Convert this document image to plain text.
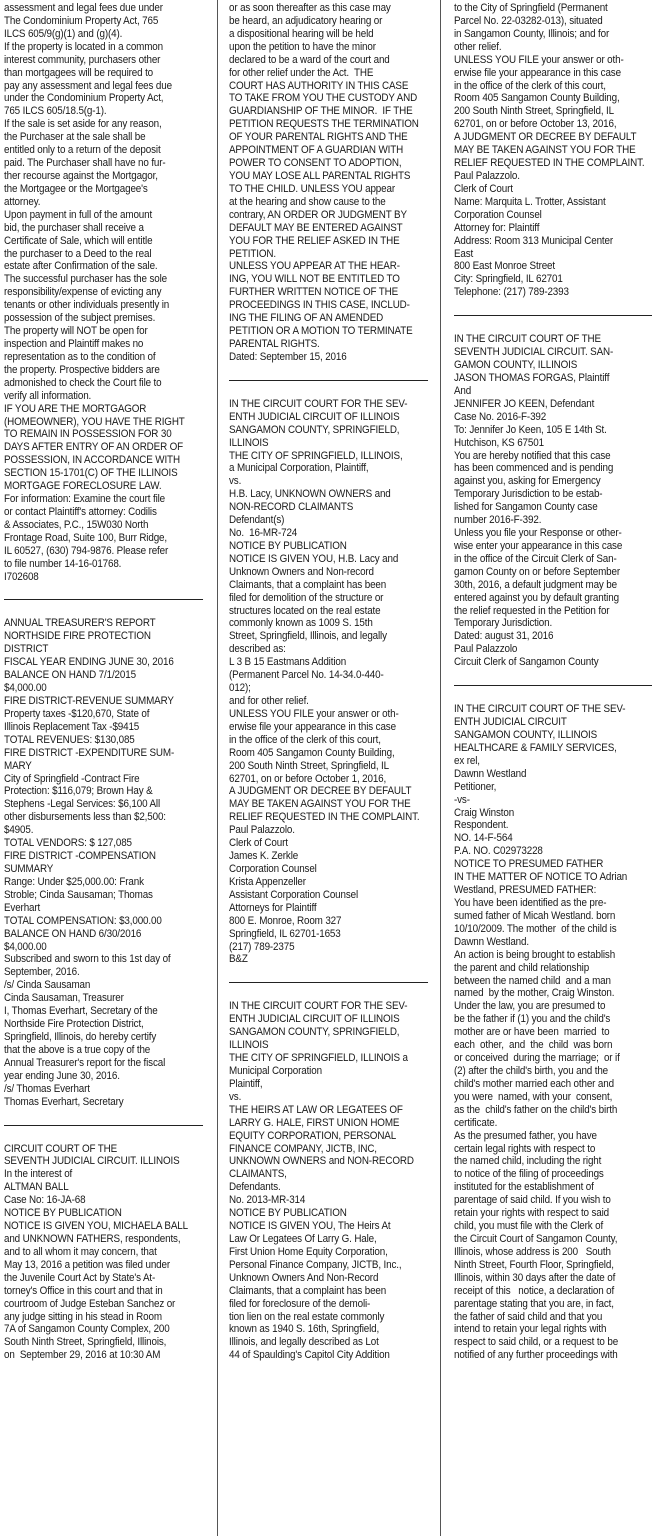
assessment and legal fees due under

The Condominium Property Act, 765

ILCS 605/9(g)(1) and (g)(4).

If the property is located in a common

interest community, purchasers other

than mortgagees will be required to

pay any assessment and legal fees due

under the Condominium Property Act,

765 ILCS 605/18.5(g-1).

If the sale is set aside for any reason,

the Purchaser at the sale shall be

entitled only to a return of the deposit

paid. The Purchaser shall have no fur-

ther recourse against the Mortgagor,

the Mortgagee or the Mortgagee's

attorney.

Upon payment in full of the amount

bid, the purchaser shall receive a

Certificate of Sale, which will entitle

the purchaser to a Deed to the real

estate after Confirmation of the sale.

The successful purchaser has the sole

responsibility/expense of evicting any

tenants or other individuals presently in

possession of the subject premises.

The property will NOT be open for

inspection and Plaintiff makes no

representation as to the condition of

the property. Prospective bidders are

admonished to check the Court file to

verify all information.

IF YOU ARE THE MORTGAGOR

(HOMEOWNER), YOU HAVE THE RIGHT

TO REMAIN IN POSSESSION FOR 30

DAYS AFTER ENTRY OF AN ORDER OF

POSSESSION, IN ACCORDANCE WITH

SECTION 15-1701(C) OF THE ILLINOIS

MORTGAGE FORECLOSURE LAW.

For information: Examine the court file

or contact Plaintiff's attorney: Codilis

& Associates, P.C., 15W030 North

Frontage Road, Suite 100, Burr Ridge,

IL 60527, (630) 794-9876. Please refer

to file number 14-16-01768.

I702608

ANNUAL TREASURER'S REPORT

NORTHSIDE FIRE PROTECTION

DISTRICT

FISCAL YEAR ENDING JUNE 30, 2016

BALANCE ON HAND 7/1/2015

$4,000.00

FIRE DISTRICT-REVENUE SUMMARY

Property taxes -$120,670, State of

Illinois Replacement Tax -$9415

TOTAL REVENUES: $130,085

FIRE DISTRICT -EXPENDITURE SUM-

MARY

City of Springfield -Contract Fire

Protection: $116,079; Brown Hay &

Stephens -Legal Services: $6,100 All

other disbursements less than $2,500:

$4905.

TOTAL VENDORS: $ 127,085

FIRE DISTRICT -COMPENSATION

SUMMARY

Range: Under $25,000.00: Frank

Stroble; Cinda Sausaman; Thomas

Everhart

TOTAL COMPENSATION: $3,000.00

BALANCE ON HAND 6/30/2016

$4,000.00

Subscribed and sworn to this 1st day of

September, 2016.

/s/ Cinda Sausaman

Cinda Sausaman, Treasurer

I, Thomas Everhart, Secretary of the

Northside Fire Protection District,

Springfield, Illinois, do hereby certify

that the above is a true copy of the

Annual Treasurer's report for the fiscal

year ending June 30, 2016.

/s/ Thomas Everhart

Thomas Everhart, Secretary

CIRCUIT COURT OF THE

SEVENTH JUDICIAL CIRCUIT. ILLINOIS

In the interest of

ALTMAN BALL

Case No: 16-JA-68

NOTICE BY PUBLICATION

NOTICE IS GIVEN YOU, MICHAELA BALL

and UNKNOWN FATHERS, respondents,

and to all whom it may concern, that

May 13, 2016 a petition was filed under

the Juvenile Court Act by State's At-

torney's Office in this court and that in

courtroom of Judge Esteban Sanchez or

any judge sitting in his stead in Room

7A of Sangamon County Complex, 200

South Ninth Street, Springfield, Illinois,

on  September 29, 2016 at 10:30 AM

or as soon thereafter as this case may

be heard, an adjudicatory hearing or

a dispositional hearing will be held

upon the petition to have the minor

declared to be a ward of the court and

for other relief under the Act.  THE

COURT HAS AUTHORITY IN THIS CASE

TO TAKE FROM YOU THE CUSTODY AND

GUARDIANSHIP OF THE MINOR.  IF THE

PETITION REQUESTS THE TERMINATION

OF YOUR PARENTAL RIGHTS AND THE

APPOINTMENT OF A GUARDIAN WITH

POWER TO CONSENT TO ADOPTION,

YOU MAY LOSE ALL PARENTAL RIGHTS

TO THE CHILD. UNLESS YOU appear

at the hearing and show cause to the

contrary, AN ORDER OR JUDGMENT BY

DEFAULT MAY BE ENTERED AGAINST

YOU FOR THE RELIEF ASKED IN THE

PETITION.

UNLESS YOU APPEAR AT THE HEAR-

ING, YOU WILL NOT BE ENTITLED TO

FURTHER WRITTEN NOTICE OF THE

PROCEEDINGS IN THIS CASE, INCLUD-

ING THE FILING OF AN AMENDED

PETITION OR A MOTION TO TERMINATE

PARENTAL RIGHTS.

Dated: September 15, 2016

IN THE CIRCUIT COURT FOR THE SEV-

ENTH JUDICIAL CIRCUIT OF ILLINOIS

SANGAMON COUNTY, SPRINGFIELD,

ILLINOIS

THE CITY OF SPRINGFIELD, ILLINOIS,

a Municipal Corporation, Plaintiff,

vs.

H.B. Lacy, UNKNOWN OWNERS and

NON-RECORD CLAIMANTS

Defendant(s)

No.  16-MR-724

NOTICE BY PUBLICATION

NOTICE IS GIVEN YOU, H.B. Lacy and

Unknown Owners and Non-record

Claimants, that a complaint has been

filed for demolition of the structure or

structures located on the real estate

commonly known as 1009 S. 15th

Street, Springfield, Illinois, and legally

described as:

L 3 B 15 Eastmans Addition

(Permanent Parcel No. 14-34.0-440-

012);

and for other relief.

UNLESS YOU FILE your answer or oth-

erwise file your appearance in this case

in the office of the clerk of this court,

Room 405 Sangamon County Building,

200 South Ninth Street, Springfield, IL

62701, on or before October 1, 2016,

A JUDGMENT OR DECREE BY DEFAULT

MAY BE TAKEN AGAINST YOU FOR THE

RELIEF REQUESTED IN THE COMPLAINT.

Paul Palazzolo.

Clerk of Court

James K. Zerkle

Corporation Counsel

Krista Appenzeller

Assistant Corporation Counsel

Attorneys for Plaintiff

800 E. Monroe, Room 327

Springfield, IL 62701-1653

(217) 789-2375

B&Z

IN THE CIRCUIT COURT FOR THE SEV-

ENTH JUDICIAL CIRCUIT OF ILLINOIS

SANGAMON COUNTY, SPRINGFIELD,

ILLINOIS

THE CITY OF SPRINGFIELD, ILLINOIS a

Municipal Corporation

Plaintiff,

vs.

THE HEIRS AT LAW OR LEGATEES OF

LARRY G. HALE, FIRST UNION HOME

EQUITY CORPORATION, PERSONAL

FINANCE COMPANY, JICTB, INC,

UNKNOWN OWNERS and NON-RECORD

CLAIMANTS,

Defendants.

No. 2013-MR-314

NOTICE BY PUBLICATION

NOTICE IS GIVEN YOU, The Heirs At

Law Or Legatees Of Larry G. Hale,

First Union Home Equity Corporation,

Personal Finance Company, JICTB, Inc.,

Unknown Owners And Non-Record

Claimants, that a complaint has been

filed for foreclosure of the demoli-

tion lien on the real estate commonly

known as 1940 S. 16th, Springfield,

Illinois, and legally described as Lot

44 of Spaulding's Capitol City Addition

to the City of Springfield (Permanent

Parcel No. 22-03282-013), situated

in Sangamon County, Illinois; and for

other relief.

UNLESS YOU FILE your answer or oth-

erwise file your appearance in this case

in the office of the clerk of this court,

Room 405 Sangamon County Building,

200 South Ninth Street, Springfield, IL

62701, on or before October 13, 2016,

A JUDGMENT OR DECREE BY DEFAULT

MAY BE TAKEN AGAINST YOU FOR THE

RELIEF REQUESTED IN THE COMPLAINT.

Paul Palazzolo.

Clerk of Court

Name: Marquita L. Trotter, Assistant

Corporation Counsel

Attorney for: Plaintiff

Address: Room 313 Municipal Center

East

800 East Monroe Street

City: Springfield, IL 62701

Telephone: (217) 789-2393

IN THE CIRCUIT COURT OF THE

SEVENTH JUDICIAL CIRCUIT. SAN-

GAMON COUNTY, ILLINOIS

JASON THOMAS FORGAS, Plaintiff

And

JENNIFER JO KEEN, Defendant

Case No. 2016-F-392

To: Jennifer Jo Keen, 105 E 14th St.

Hutchison, KS 67501

You are hereby notified that this case

has been commenced and is pending

against you, asking for Emergency

Temporary Jurisdiction to be estab-

lished for Sangamon County case

number 2016-F-392.

Unless you file your Response or other-

wise enter your appearance in this case

in the office of the Circuit Clerk of San-

gamon County on or before September

30th, 2016, a default judgment may be

entered against you by default granting

the relief requested in the Petition for

Temporary Jurisdiction.

Dated: august 31, 2016

Paul Palazzolo

Circuit Clerk of Sangamon County

IN THE CIRCUIT COURT OF THE SEV-

ENTH JUDICIAL CIRCUIT

SANGAMON COUNTY, ILLINOIS

HEALTHCARE & FAMILY SERVICES,

ex rel,

Dawnn Westland

Petitioner,

-vs-

Craig Winston

Respondent.

NO. 14-F-564

P.A. NO. C02973228

NOTICE TO PRESUMED FATHER

IN THE MATTER OF NOTICE TO Adrian

Westland, PRESUMED FATHER:

You have been identified as the pre-

sumed father of Micah Westland. born

10/10/2009. The mother  of the child is

Dawnn Westland.

An action is being brought to establish

the parent and child relationship

between the named child  and a man

named  by the mother, Craig Winston.

Under the law, you are presumed to

be the father if (1) you and the child's

mother are or have been  married  to

each  other,  and  the  child  was born

or conceived  during the marriage;  or if

(2) after the child's birth, you and the

child's mother married each other and

you were  named, with your  consent,

as the  child's father on the child's birth

certificate.

As the presumed father, you have

certain legal rights with respect to

the named child, including the right

to notice of the filing of proceedings

instituted for the establishment of

parentage of said child. If you wish to

retain your rights with respect to said

child, you must file with the Clerk of

the Circuit Court of Sangamon County,

Illinois, whose address is 200   South

Ninth Street, Fourth Floor, Springfield,

Illinois, within 30 days after the date of

receipt of this   notice, a declaration of

parentage stating that you are, in fact,

the father of said child and that you

intend to retain your legal rights with

respect to said child, or a request to be

notified of any further proceedings with
